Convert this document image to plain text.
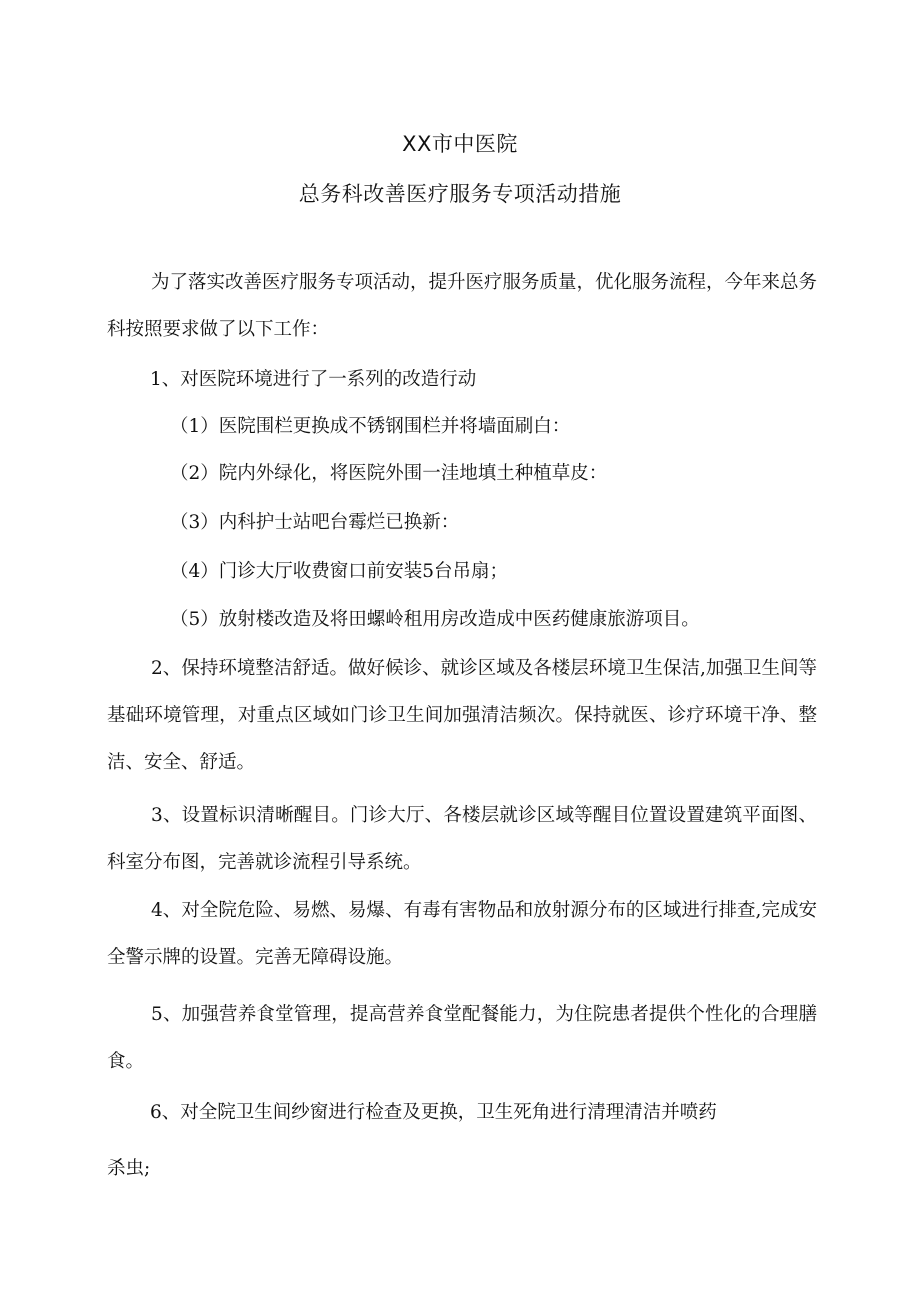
XX市中医院
总务科改善医疗服务专项活动措施

为了落实改善医疗服务专项活动，提升医疗服务质量，优化服务流程，今年来总务科按照要求做了以下工作：

1、对医院环境进行了一系列的改造行动

（1）医院围栏更换成不锈钢围栏并将墙面刷白：

（2）院内外绿化，将医院外围一洼地填土种植草皮：

（3）内科护士站吧台霉烂已换新：

（4）门诊大厅收费窗口前安装5台吊扇；

（5）放射楼改造及将田螺岭租用房改造成中医药健康旅游项目。

2、保持环境整洁舒适。做好候诊、就诊区域及各楼层环境卫生保洁,加强卫生间等基础环境管理，对重点区域如门诊卫生间加强清洁频次。保持就医、诊疗环境干净、整洁、安全、舒适。

3、设置标识清晰醒目。门诊大厅、各楼层就诊区域等醒目位置设置建筑平面图、科室分布图，完善就诊流程引导系统。

4、对全院危险、易燃、易爆、有毒有害物品和放射源分布的区域进行排查,完成安全警示牌的设置。完善无障碍设施。

5、加强营养食堂管理，提高营养食堂配餐能力，为住院患者提供个性化的合理膳食。

6、对全院卫生间纱窗进行检查及更换，卫生死角进行清理清洁并喷药

杀虫;
